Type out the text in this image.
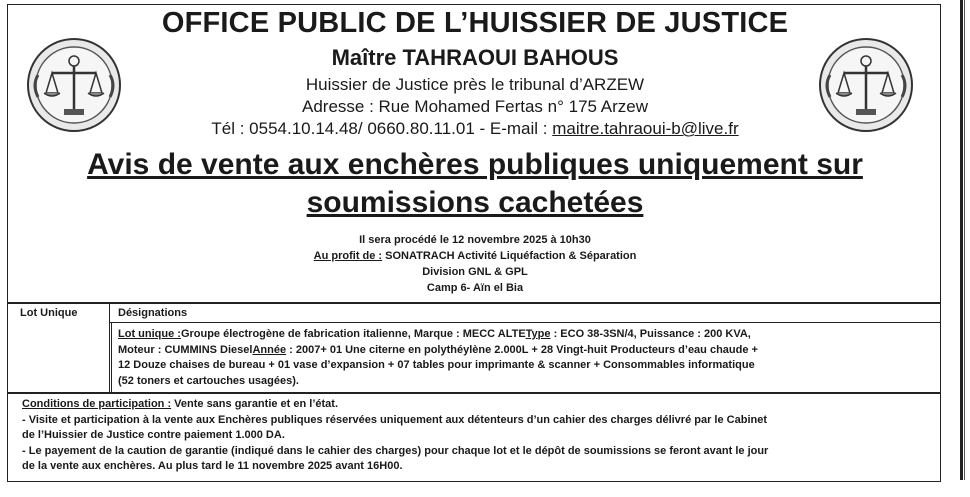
OFFICE PUBLIC DE L’HUISSIER DE JUSTICE
Maître TAHRAOUI BAHOUS
Huissier de Justice près le tribunal d’ARZEW
Adresse : Rue Mohamed Fertas n° 175 Arzew
Tél : 0554.10.14.48/ 0660.80.11.01 - E-mail : maitre.tahraoui-b@live.fr
Avis de vente aux enchères publiques uniquement sur
soumissions cachetées
Il sera procédé le 12 novembre 2025 à 10h30
Au profit de : SONATRACH Activité Liquéfaction & Séparation
Division GNL & GPL
Camp 6- Aïn el Bia
Lot Unique	Désignations
Lot unique :Groupe électrogène de fabrication italienne, Marque : MECC ALTEType : ECO 38-3SN/4, Puissance : 200 KVA,
Moteur : CUMMINS DieselAnnée : 2007+ 01 Une citerne en polythéylène 2.000L + 28 Vingt-huit Producteurs d’eau chaude +
12 Douze chaises de bureau + 01 vase d’expansion + 07 tables pour imprimante & scanner + Consommables informatique
(52 toners et cartouches usagées).
Conditions de participation : Vente sans garantie et en l’état.
- Visite et participation à la vente aux Enchères publiques réservées uniquement aux détenteurs d’un cahier des charges délivré par le Cabinet
de l’Huissier de Justice contre paiement 1.000 DA.
- Le payement de la caution de garantie (indiqué dans le cahier des charges) pour chaque lot et le dépôt de soumissions se feront avant le jour
de la vente aux enchères. Au plus tard le 11 novembre 2025 avant 16H00.
